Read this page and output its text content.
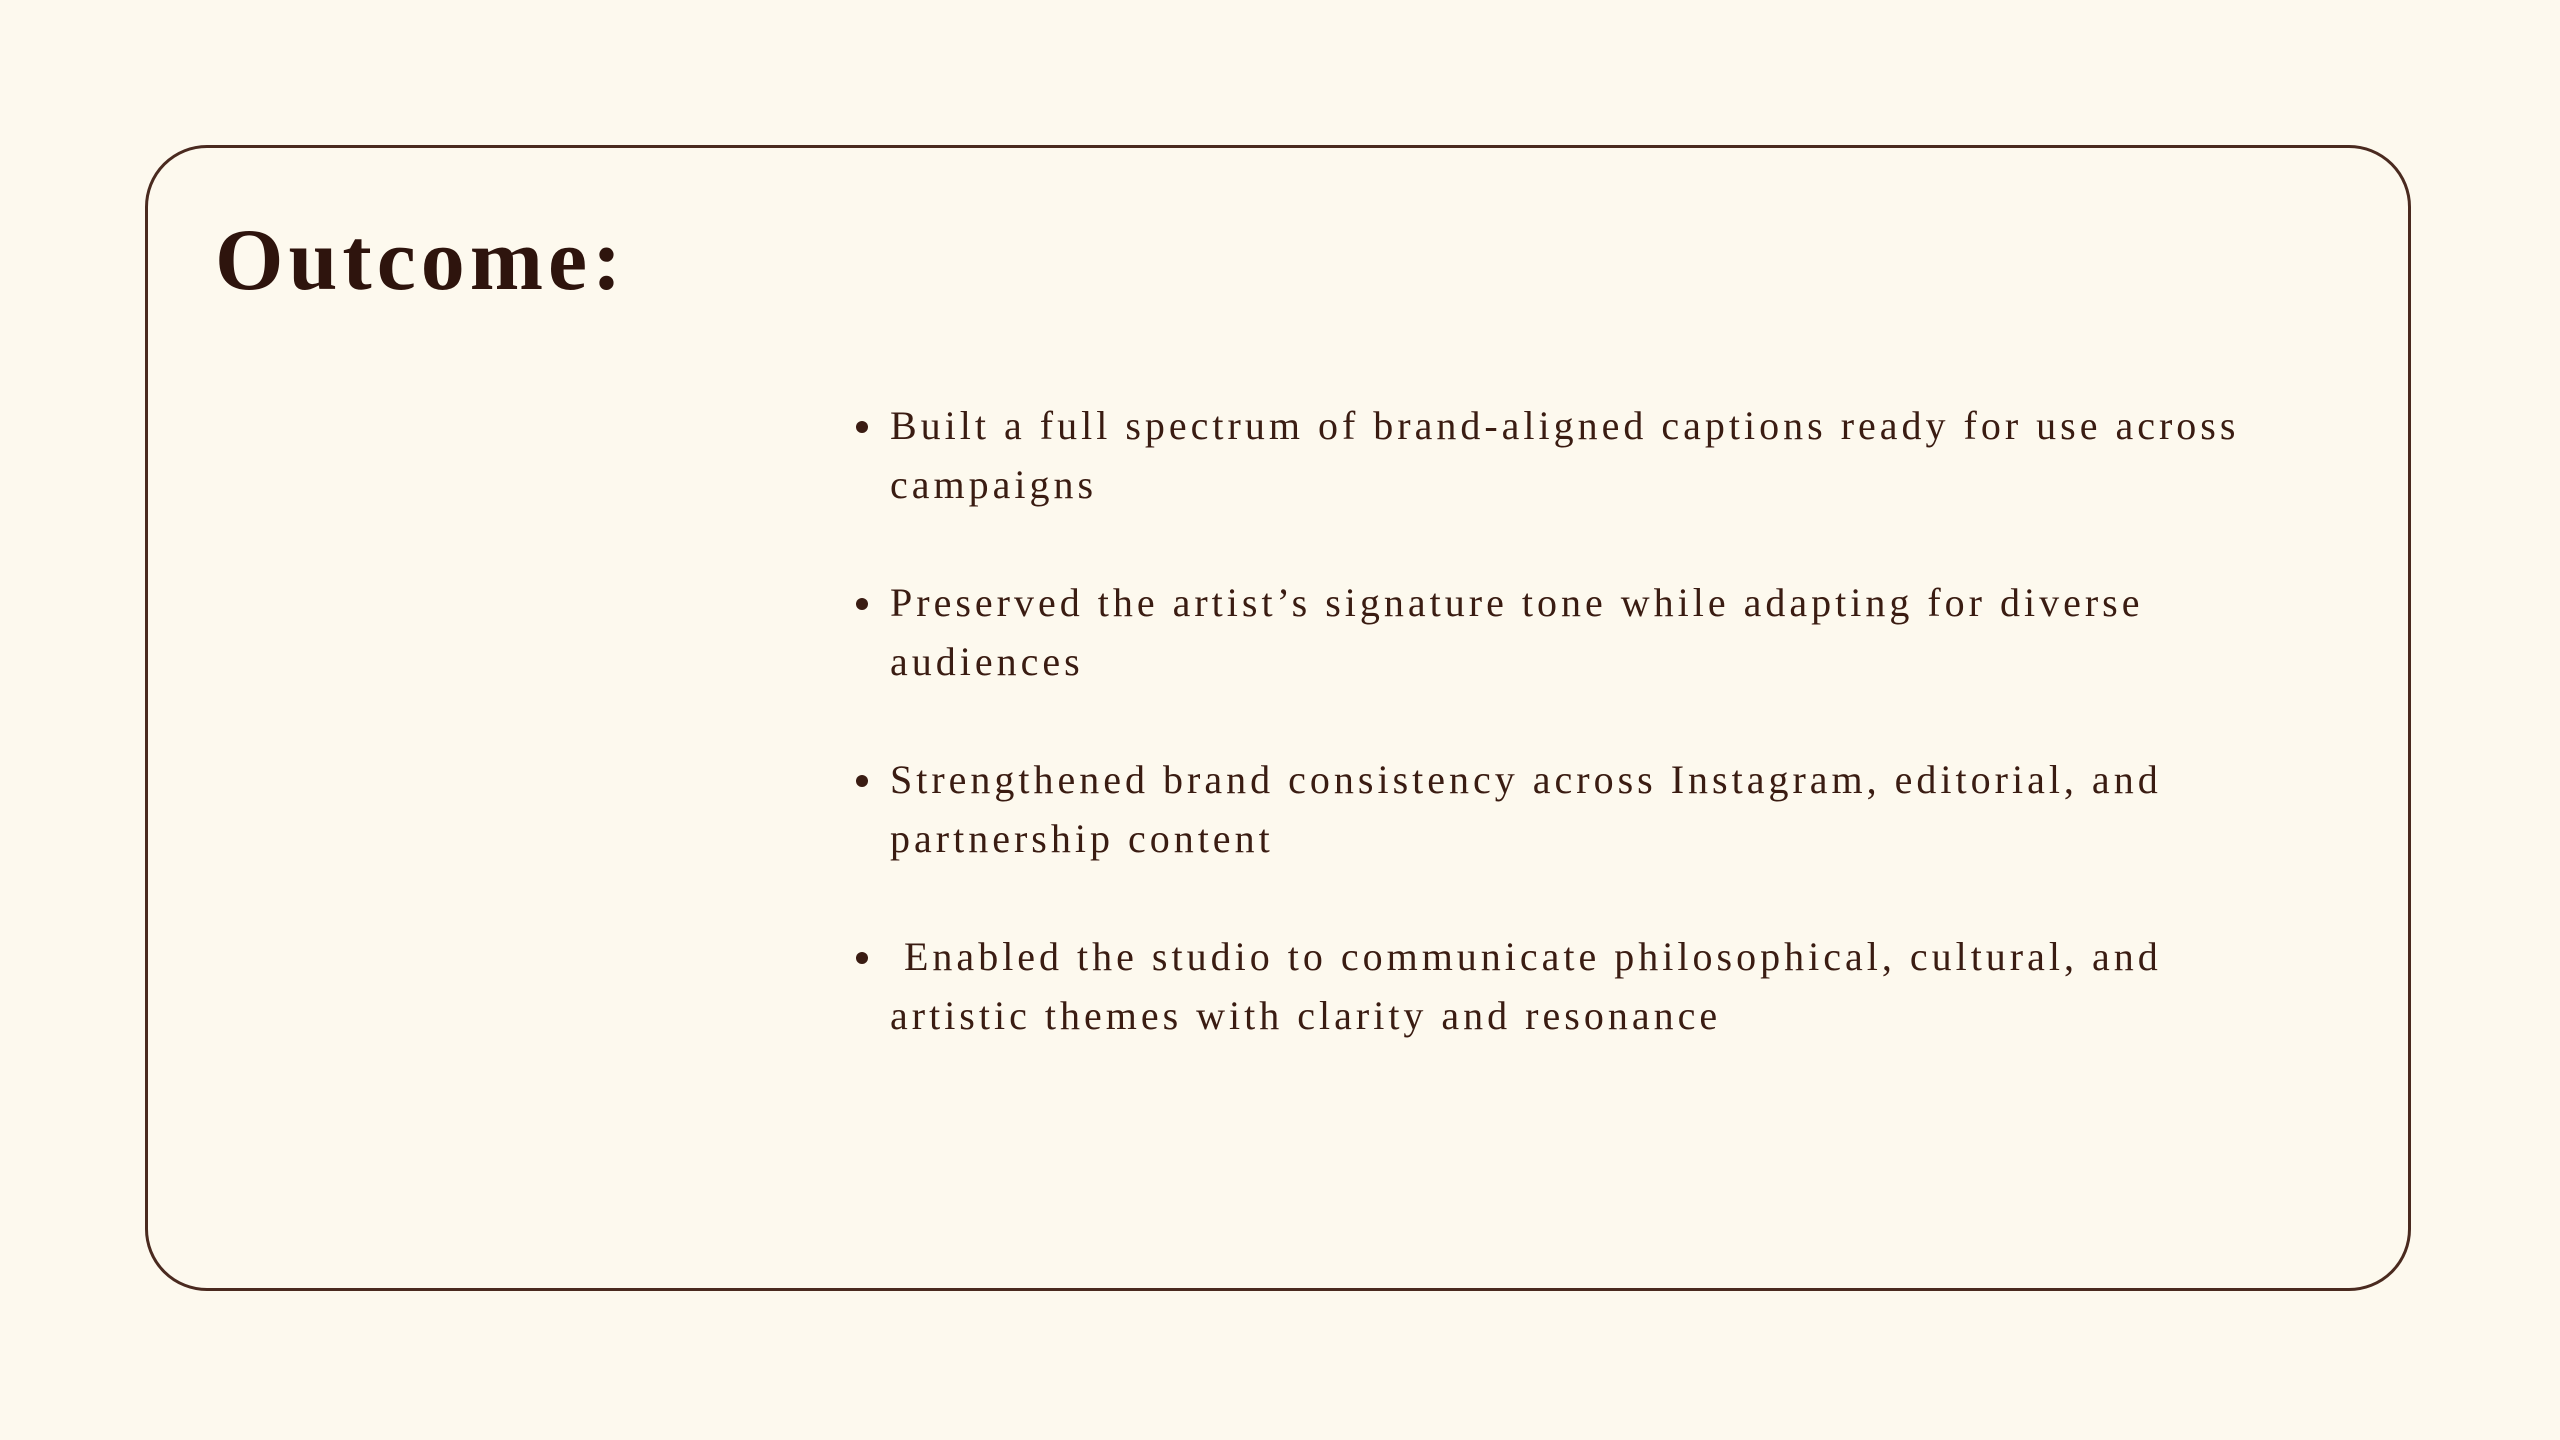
Outcome:
Built a full spectrum of brand-aligned captions ready for use across campaigns
Preserved the artist’s signature tone while adapting for diverse audiences
Strengthened brand consistency across Instagram, editorial, and partnership content
Enabled the studio to communicate philosophical, cultural, and artistic themes with clarity and resonance
